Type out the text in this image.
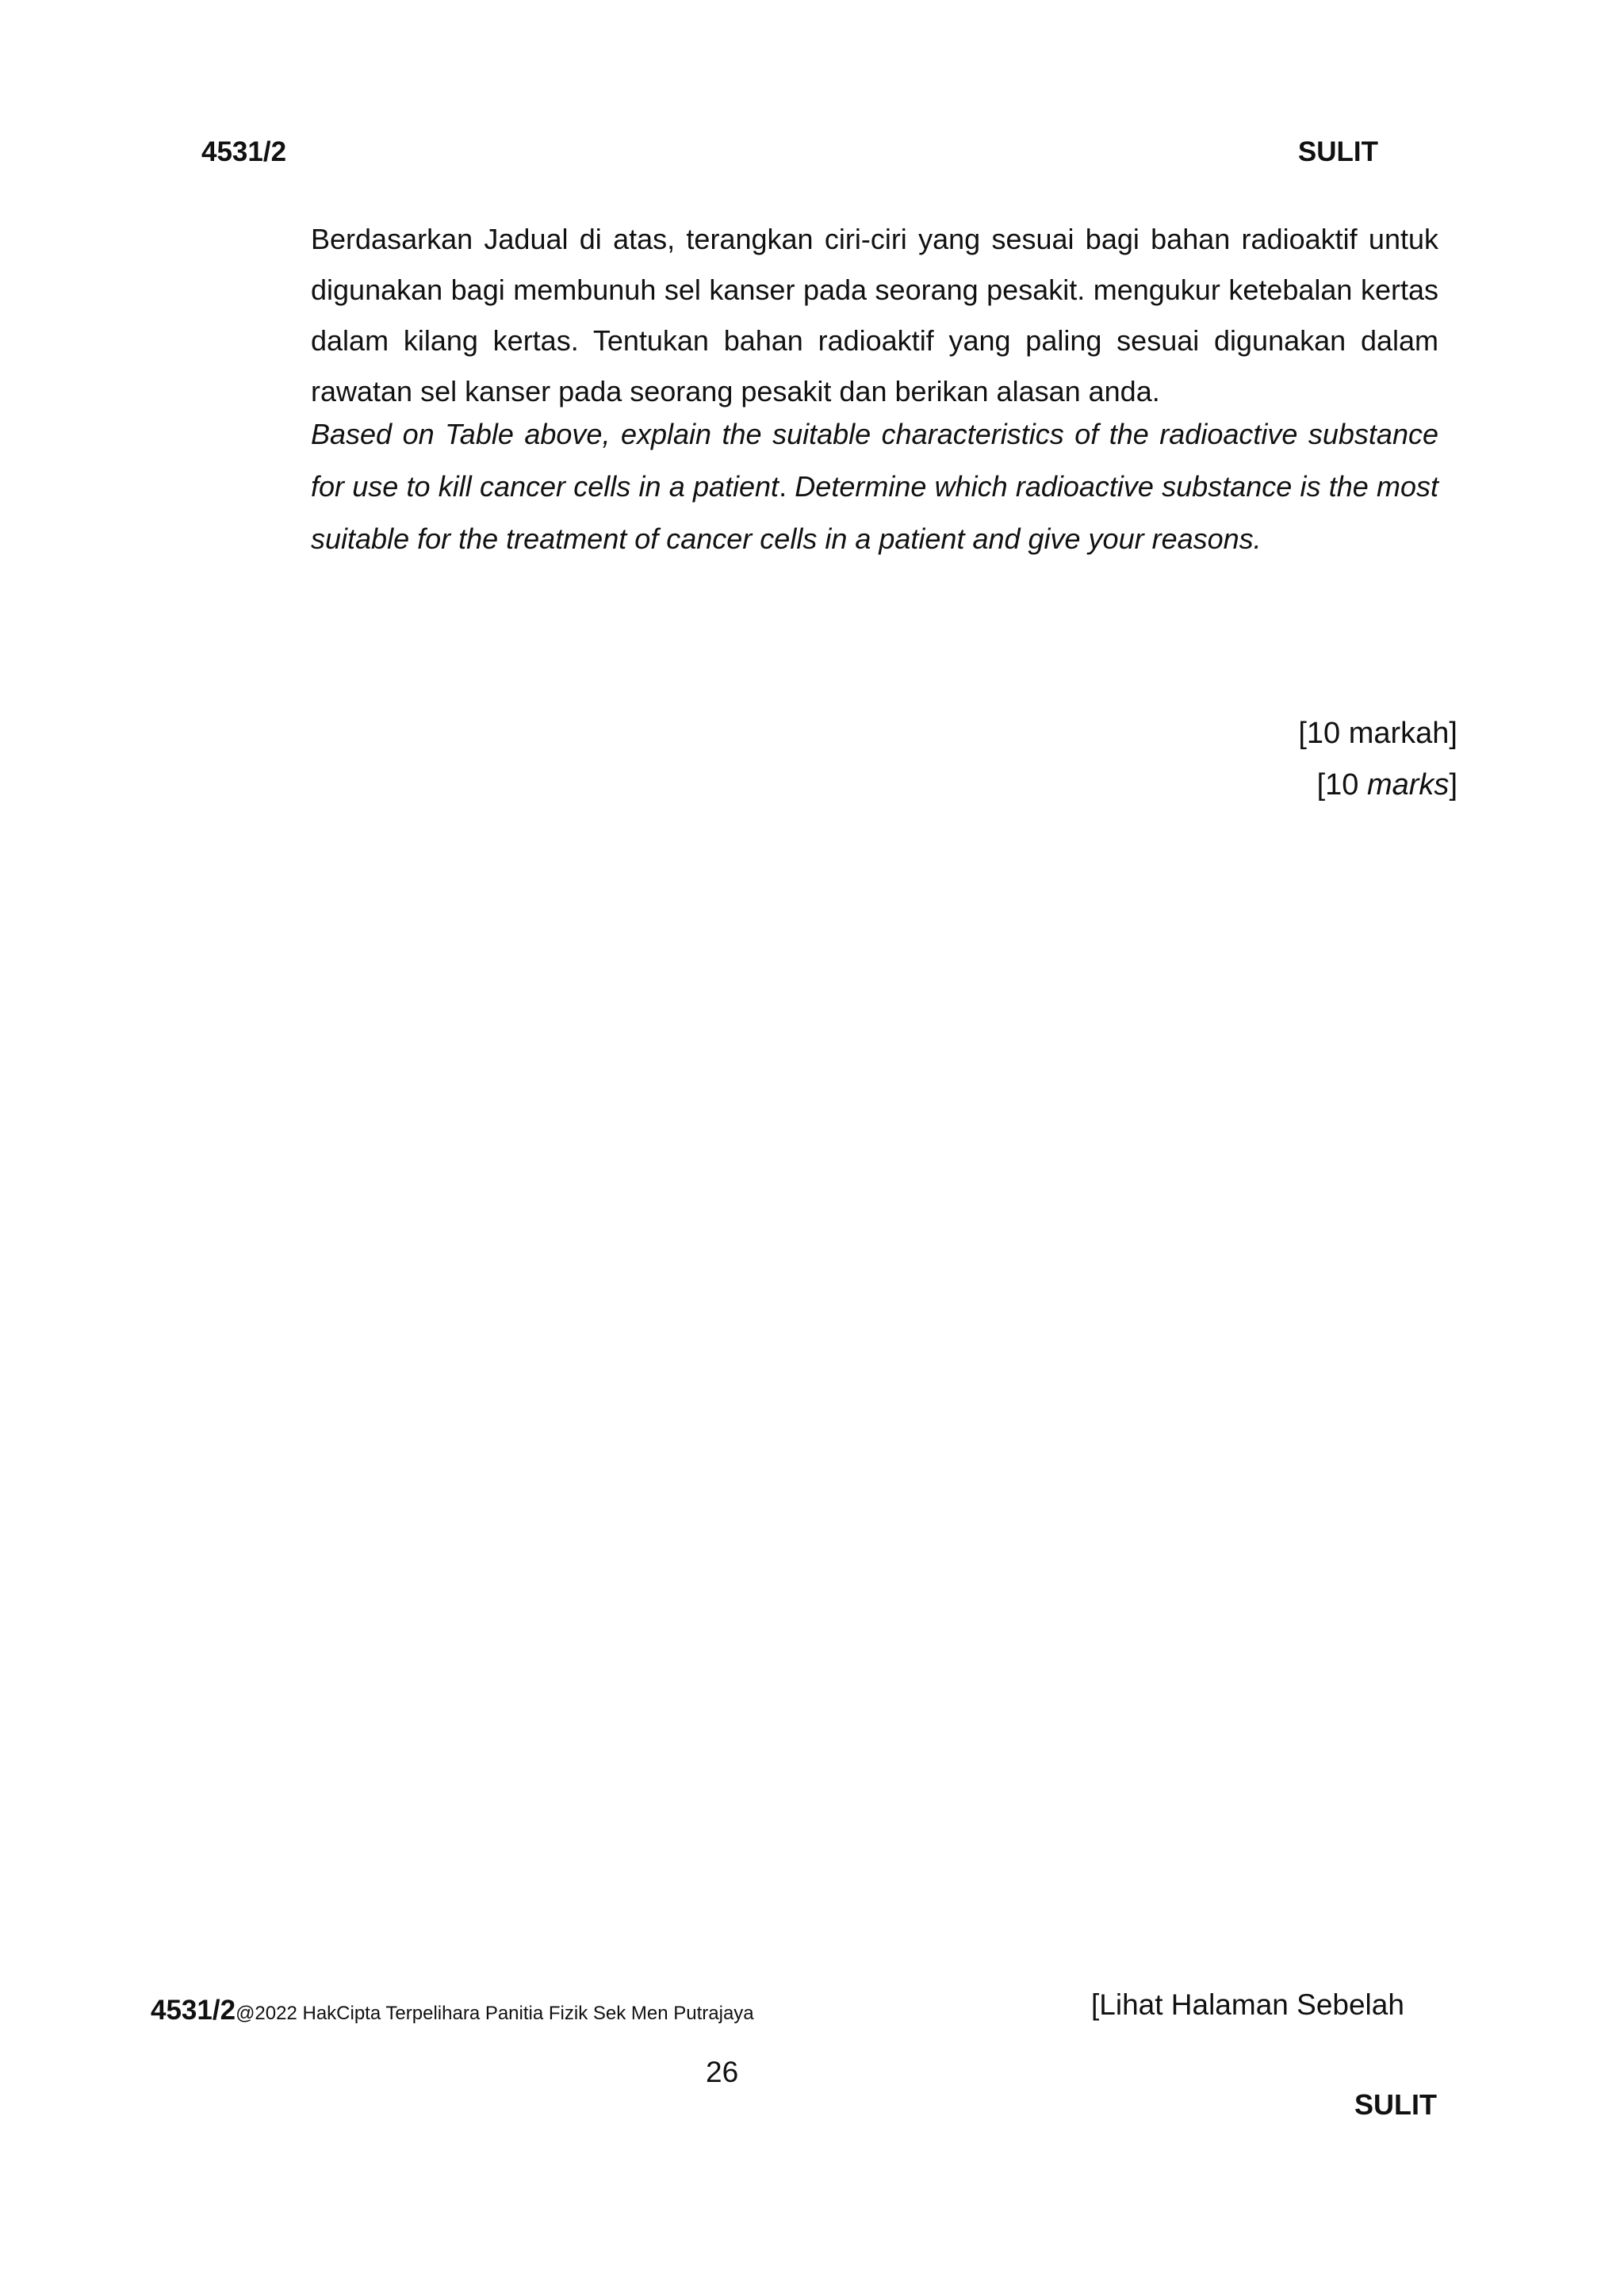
4531/2	SULIT
Berdasarkan Jadual di atas, terangkan ciri-ciri yang sesuai bagi bahan radioaktif untuk digunakan bagi membunuh sel kanser pada seorang pesakit. mengukur ketebalan kertas dalam kilang kertas. Tentukan bahan radioaktif yang paling sesuai digunakan dalam rawatan sel kanser pada seorang pesakit dan berikan alasan anda.
Based on Table above, explain the suitable characteristics of the radioactive substance for use to kill cancer cells in a patient. Determine which radioactive substance is the most suitable for the treatment of cancer cells in a patient and give your reasons.
[10 markah]
[10 marks]
4531/2@2022 HakCipta Terpelihara Panitia Fizik Sek Men Putrajaya	[Lihat Halaman Sebelah
26
SULIT
